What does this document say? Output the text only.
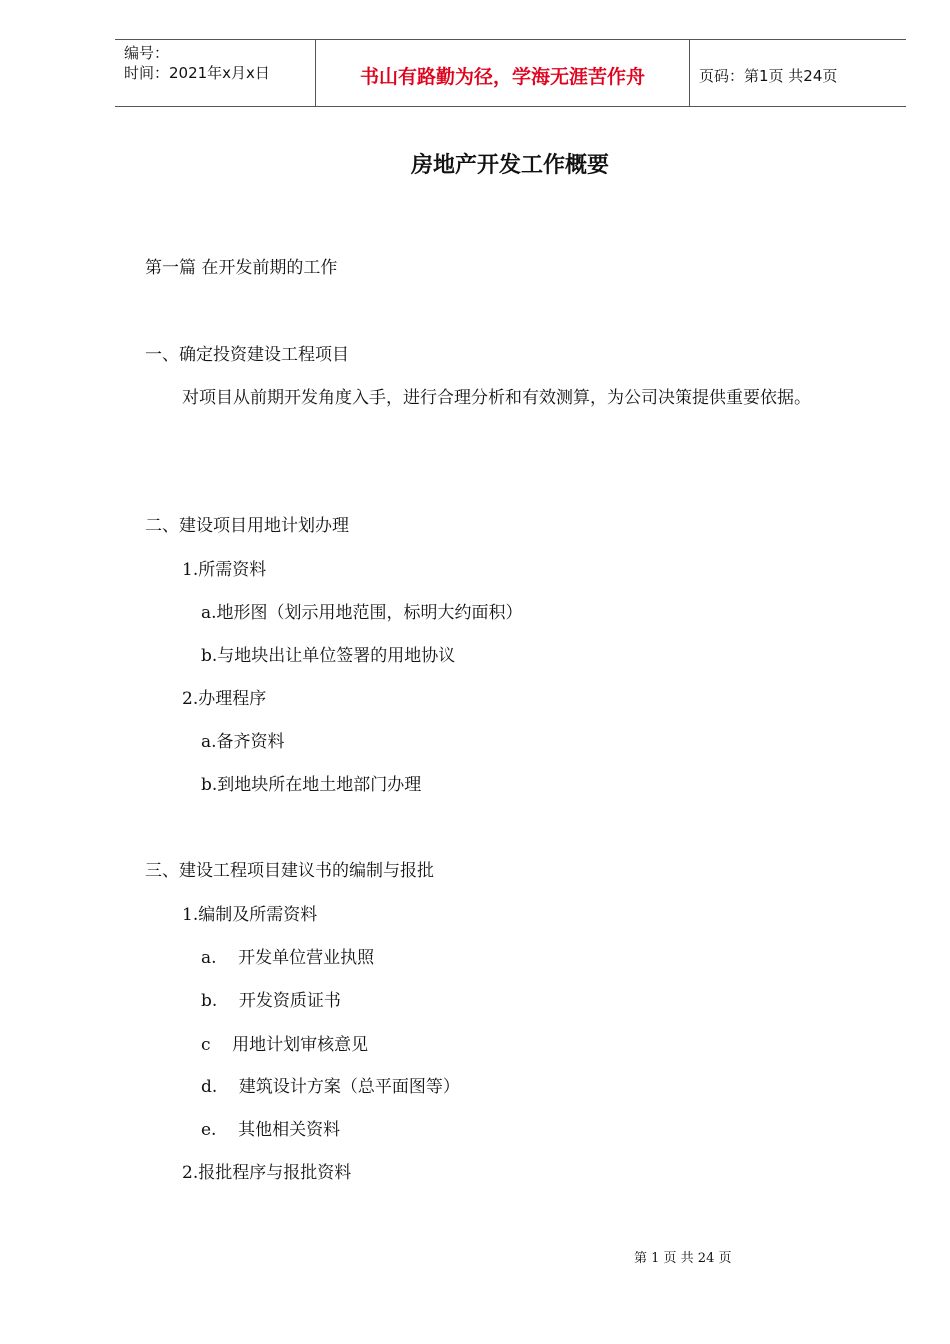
编号：
时间：2021年x月x日	书山有路勤为径，学海无涯苦作舟	页码：第1页 共24页
房地产开发工作概要
第一篇 在开发前期的工作
一、确定投资建设工程项目
对项目从前期开发角度入手，进行合理分析和有效测算，为公司决策提供重要依据。
二、建设项目用地计划办理
1.所需资料
a.地形图（划示用地范围，标明大约面积）
b.与地块出让单位签署的用地协议
2.办理程序
a.备齐资料
b.到地块所在地土地部门办理
三、建设工程项目建议书的编制与报批
1.编制及所需资料
a.    开发单位营业执照
b.    开发资质证书
c    用地计划审核意见
d.    建筑设计方案（总平面图等）
e.    其他相关资料
2.报批程序与报批资料
第 1 页 共 24 页
